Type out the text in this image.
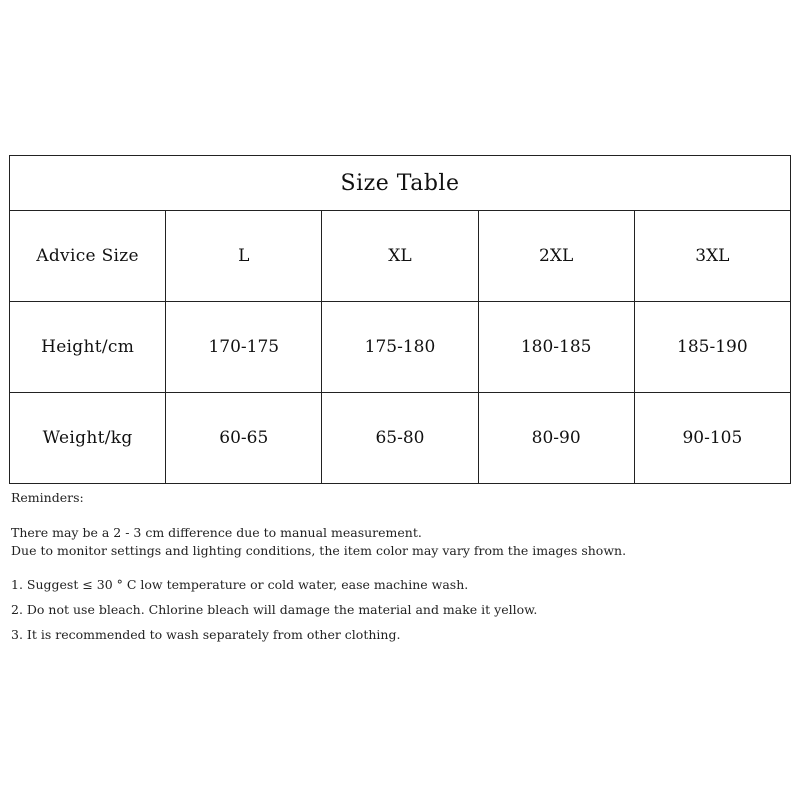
Size Table				
Advice Size	L	XL	2XL	3XL
Height/cm	170-175	175-180	180-185	185-190
Weight/kg	60-65	65-80	80-90	90-105

Reminders:

There may be a 2 - 3 cm difference due to manual measurement.

Due to monitor settings and lighting conditions, the item color may vary from the images shown.

1. Suggest ≤ 30 ° C low temperature or cold water, ease machine wash.

2. Do not use bleach. Chlorine bleach will damage the material and make it yellow.

3. It is recommended to wash separately from other clothing.
